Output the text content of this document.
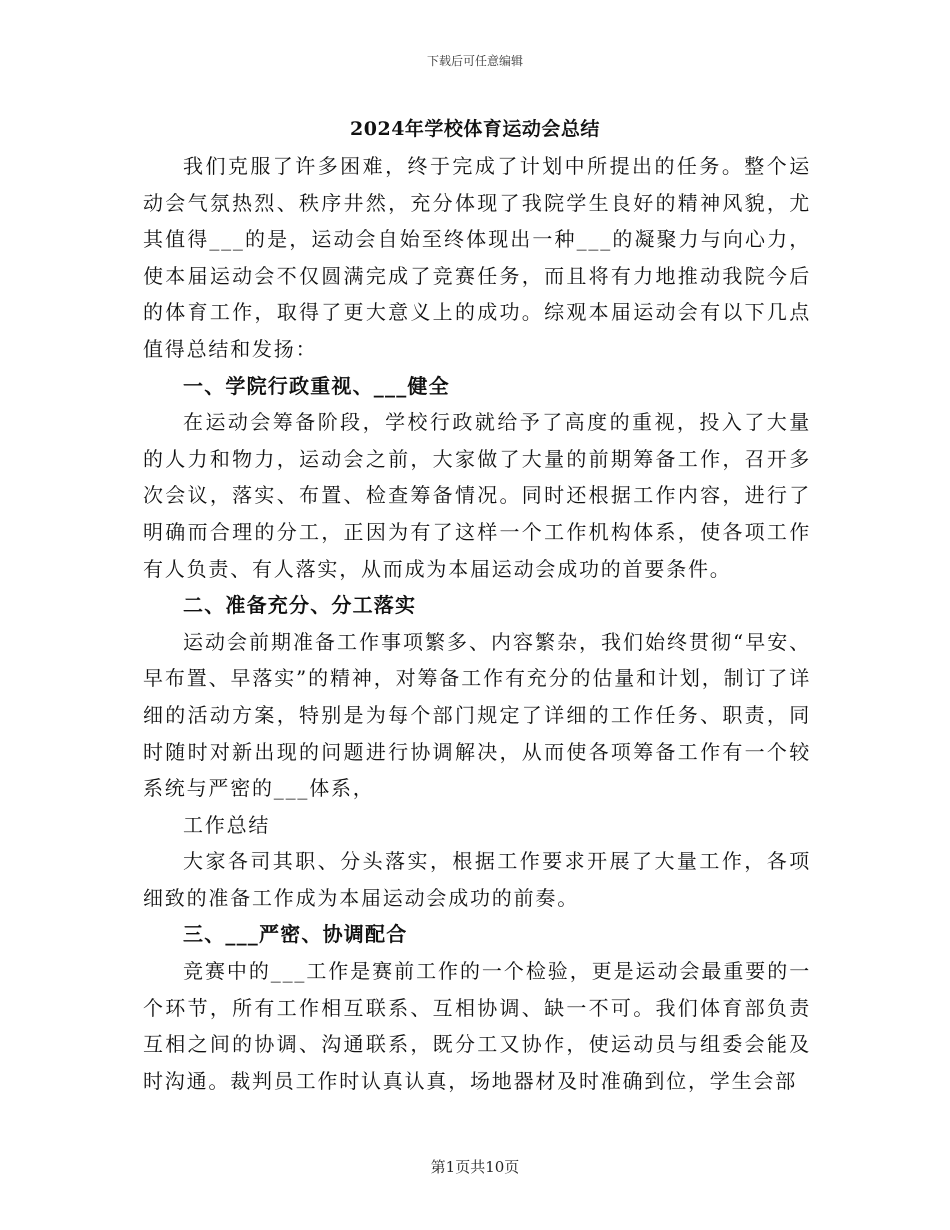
下载后可任意编辑
2024年学校体育运动会总结

我们克服了许多困难，终于完成了计划中所提出的任务。整个运动会气氛热烈、秩序井然，充分体现了我院学生良好的精神风貌，尤其值得___的是，运动会自始至终体现出一种___的凝聚力与向心力，使本届运动会不仅圆满完成了竞赛任务，而且将有力地推动我院今后的体育工作，取得了更大意义上的成功。综观本届运动会有以下几点值得总结和发扬：

一、学院行政重视、___健全

在运动会筹备阶段，学校行政就给予了高度的重视，投入了大量的人力和物力，运动会之前，大家做了大量的前期筹备工作，召开多次会议，落实、布置、检查筹备情况。同时还根据工作内容，进行了明确而合理的分工，正因为有了这样一个工作机构体系，使各项工作有人负责、有人落实，从而成为本届运动会成功的首要条件。

二、准备充分、分工落实

运动会前期准备工作事项繁多、内容繁杂，我们始终贯彻“早安、早布置、早落实”的精神，对筹备工作有充分的估量和计划，制订了详细的活动方案，特别是为每个部门规定了详细的工作任务、职责，同时随时对新出现的问题进行协调解决，从而使各项筹备工作有一个较系统与严密的___体系，

工作总结

大家各司其职、分头落实，根据工作要求开展了大量工作，各项细致的准备工作成为本届运动会成功的前奏。

三、___严密、协调配合

竞赛中的___工作是赛前工作的一个检验，更是运动会最重要的一个环节，所有工作相互联系、互相协调、缺一不可。我们体育部负责互相之间的协调、沟通联系，既分工又协作，使运动员与组委会能及时沟通。裁判员工作时认真认真，场地器材及时准确到位，学生会部

第1页共10页
